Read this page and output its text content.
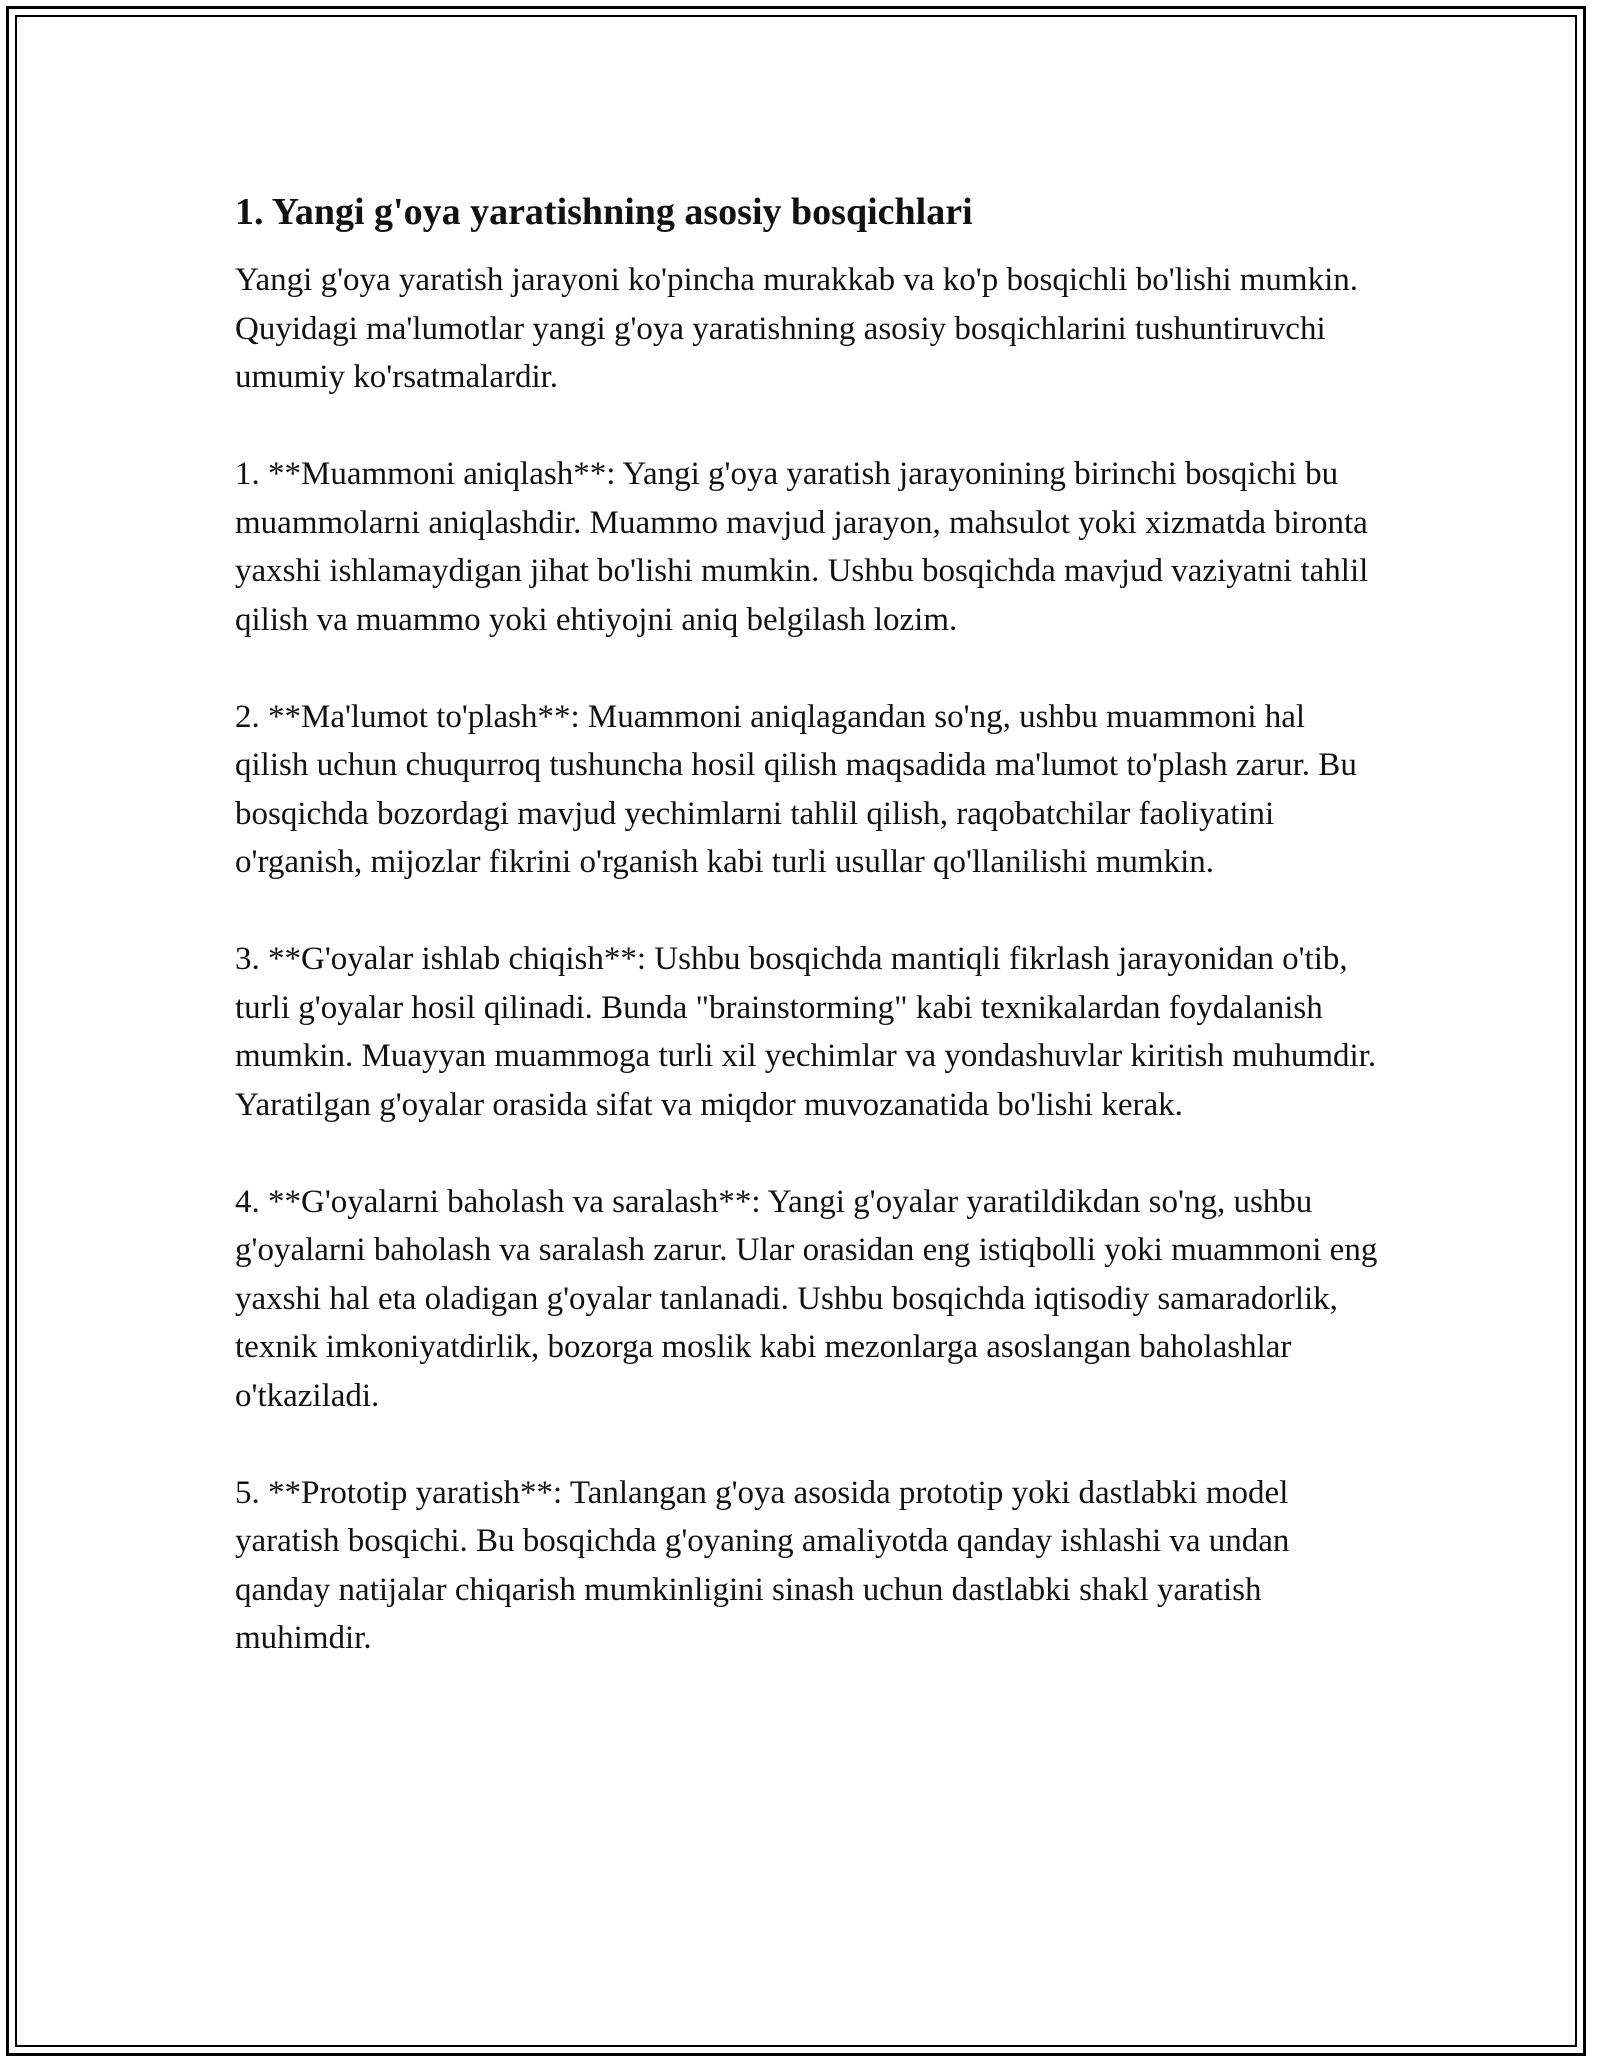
1. Yangi g'oya yaratishning asosiy bosqichlari

Yangi g'oya yaratish jarayoni ko'pincha murakkab va ko'p bosqichli bo'lishi mumkin. Quyidagi ma'lumotlar yangi g'oya yaratishning asosiy bosqichlarini tushuntiruvchi umumiy ko'rsatmalardir.

1. **Muammoni aniqlash**: Yangi g'oya yaratish jarayonining birinchi bosqichi bu muammolarni aniqlashdir. Muammo mavjud jarayon, mahsulot yoki xizmatda bironta yaxshi ishlamaydigan jihat bo'lishi mumkin. Ushbu bosqichda mavjud vaziyatni tahlil qilish va muammo yoki ehtiyojni aniq belgilash lozim.

2. **Ma'lumot to'plash**: Muammoni aniqlagandan so'ng, ushbu muammoni hal qilish uchun chuqurroq tushuncha hosil qilish maqsadida ma'lumot to'plash zarur. Bu bosqichda bozordagi mavjud yechimlarni tahlil qilish, raqobatchilar faoliyatini o'rganish, mijozlar fikrini o'rganish kabi turli usullar qo'llanilishi mumkin.

3. **G'oyalar ishlab chiqish**: Ushbu bosqichda mantiqli fikrlash jarayonidan o'tib, turli g'oyalar hosil qilinadi. Bunda "brainstorming" kabi texnikalardan foydalanish mumkin. Muayyan muammoga turli xil yechimlar va yondashuvlar kiritish muhumdir. Yaratilgan g'oyalar orasida sifat va miqdor muvozanatida bo'lishi kerak.

4. **G'oyalarni baholash va saralash**: Yangi g'oyalar yaratildikdan so'ng, ushbu g'oyalarni baholash va saralash zarur. Ular orasidan eng istiqbolli yoki muammoni eng yaxshi hal eta oladigan g'oyalar tanlanadi. Ushbu bosqichda iqtisodiy samaradorlik, texnik imkoniyatdirlik, bozorga moslik kabi mezonlarga asoslangan baholashlar o'tkaziladi.

5. **Prototip yaratish**: Tanlangan g'oya asosida prototip yoki dastlabki model yaratish bosqichi. Bu bosqichda g'oyaning amaliyotda qanday ishlashi va undan qanday natijalar chiqarish mumkinligini sinash uchun dastlabki shakl yaratish muhimdir.
